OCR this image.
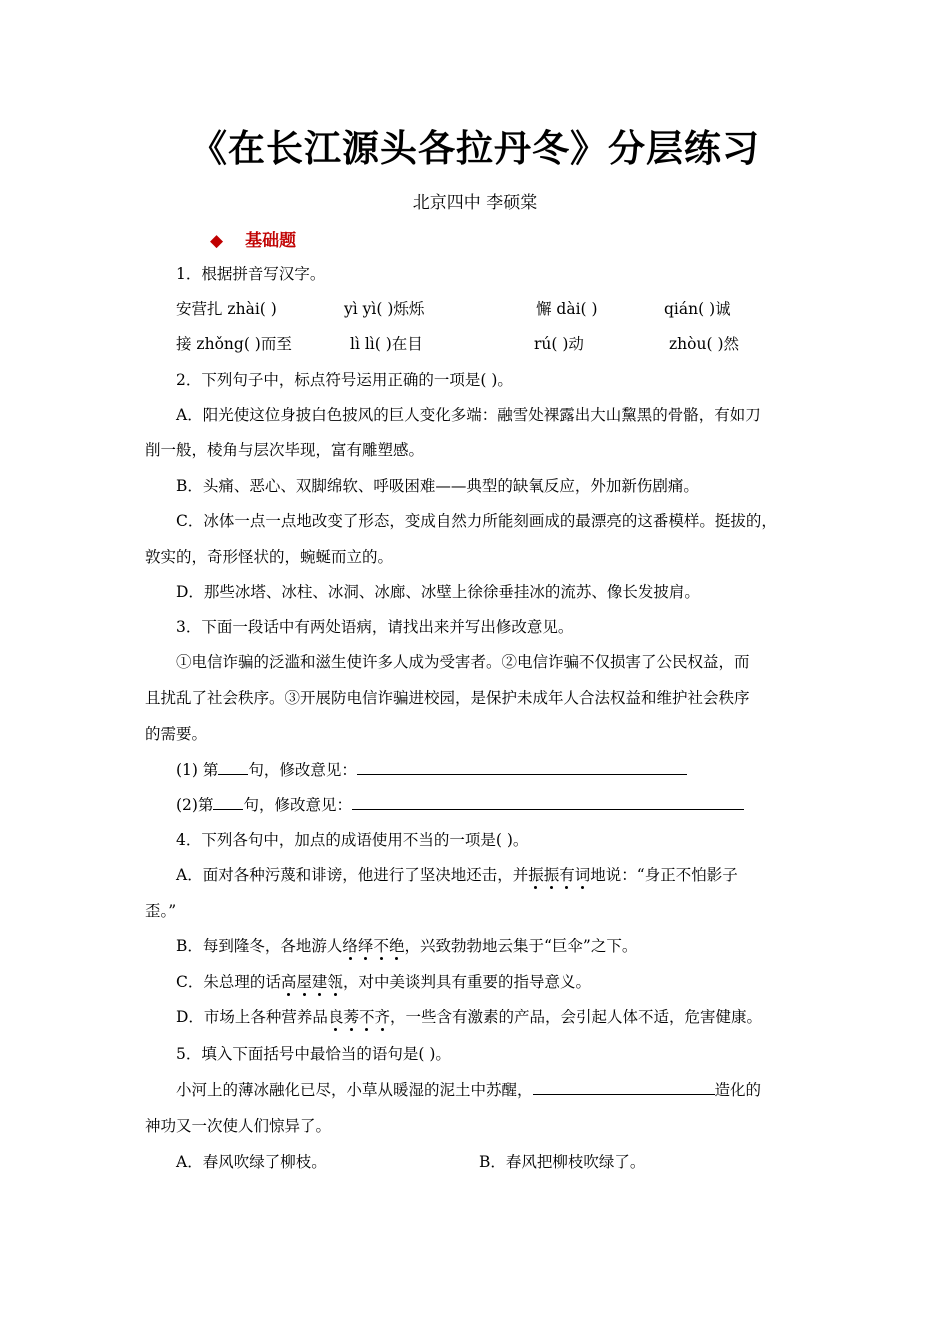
《在长江源头各拉丹冬》分层练习
北京四中 李硕棠
◆ 基础题
1．根据拼音写汉字。
安营扎 zhài( )	yì yì( )烁烁	懈 dài( )	qián( )诚
接 zhǒng( )而至	lì lì( )在目	rú( )动	zhòu( )然
2．下列句子中，标点符号运用正确的一项是( )。
A．阳光使这位身披白色披风的巨人变化多端：融雪处裸露出大山黧黑的骨骼，有如刀
削一般，棱角与层次毕现，富有雕塑感。
B．头痛、恶心、双脚绵软、呼吸困难——典型的缺氧反应，外加新伤剧痛。
C．冰体一点一点地改变了形态，变成自然力所能刻画成的最漂亮的这番模样。挺拔的，
敦实的，奇形怪状的，蜿蜒而立的。
D．那些冰塔、冰柱、冰洞、冰廊、冰壁上徐徐垂挂冰的流苏、像长发披肩。
3．下面一段话中有两处语病，请找出来并写出修改意见。
①电信诈骗的泛滥和滋生使许多人成为受害者。②电信诈骗不仅损害了公民权益，而
且扰乱了社会秩序。③开展防电信诈骗进校园，是保护未成年人合法权益和维护社会秩序
的需要。
(1) 第 句，修改意见：
(2)第 句，修改意见：
4．下列各句中，加点的成语使用不当的一项是( )。
A．面对各种污蔑和诽谤，他进行了坚决地还击，并振振有词地说：“身正不怕影子
歪。”
B．每到隆冬，各地游人络绎不绝，兴致勃勃地云集于“巨伞”之下。
C．朱总理的话高屋建瓴，对中美谈判具有重要的指导意义。
D．市场上各种营养品良莠不齐，一些含有激素的产品，会引起人体不适，危害健康。
5．填入下面括号中最恰当的语句是( )。
小河上的薄冰融化已尽，小草从暖湿的泥土中苏醒，	造化的
神功又一次使人们惊异了。
A．春风吹绿了柳枝。	B．春风把柳枝吹绿了。
